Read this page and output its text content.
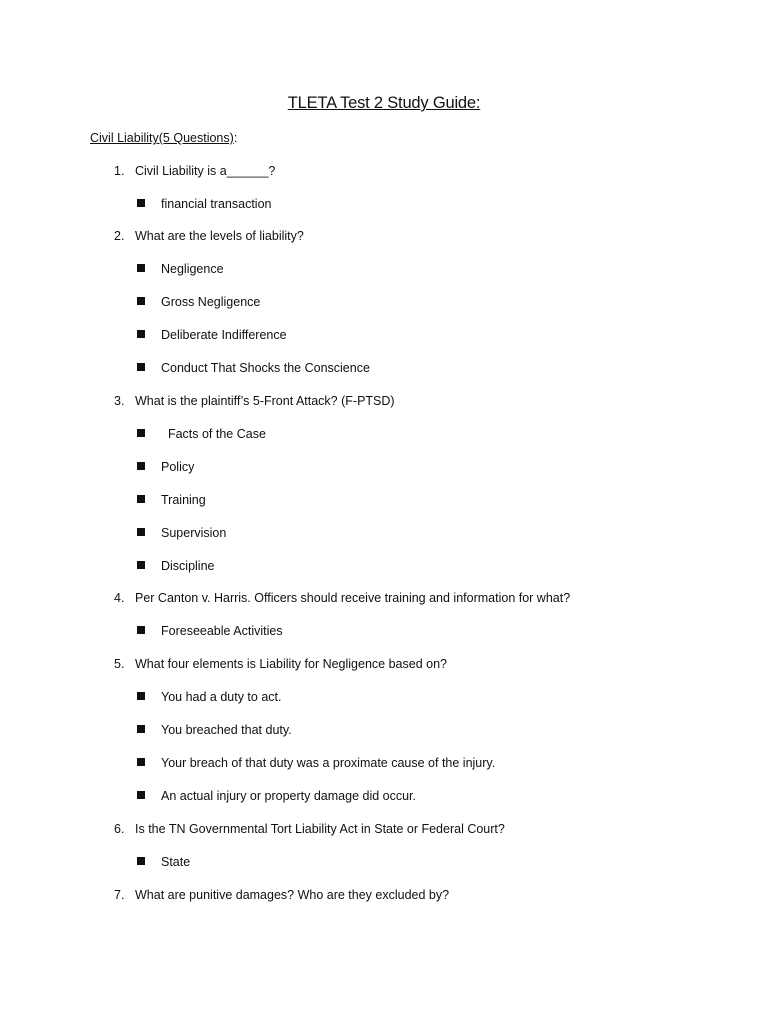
TLETA Test 2 Study Guide:
Civil Liability(5 Questions):
1. Civil Liability is a______?
financial transaction
2. What are the levels of liability?
Negligence
Gross Negligence
Deliberate Indifference
Conduct That Shocks the Conscience
3. What is the plaintiff’s 5-Front Attack? (F-PTSD)
Facts of the Case
Policy
Training
Supervision
Discipline
4. Per Canton v. Harris. Officers should receive training and information for what?
Foreseeable Activities
5. What four elements is Liability for Negligence based on?
You had a duty to act.
You breached that duty.
Your breach of that duty was a proximate cause of the injury.
An actual injury or property damage did occur.
6. Is the TN Governmental Tort Liability Act in State or Federal Court?
State
7. What are punitive damages? Who are they excluded by?
